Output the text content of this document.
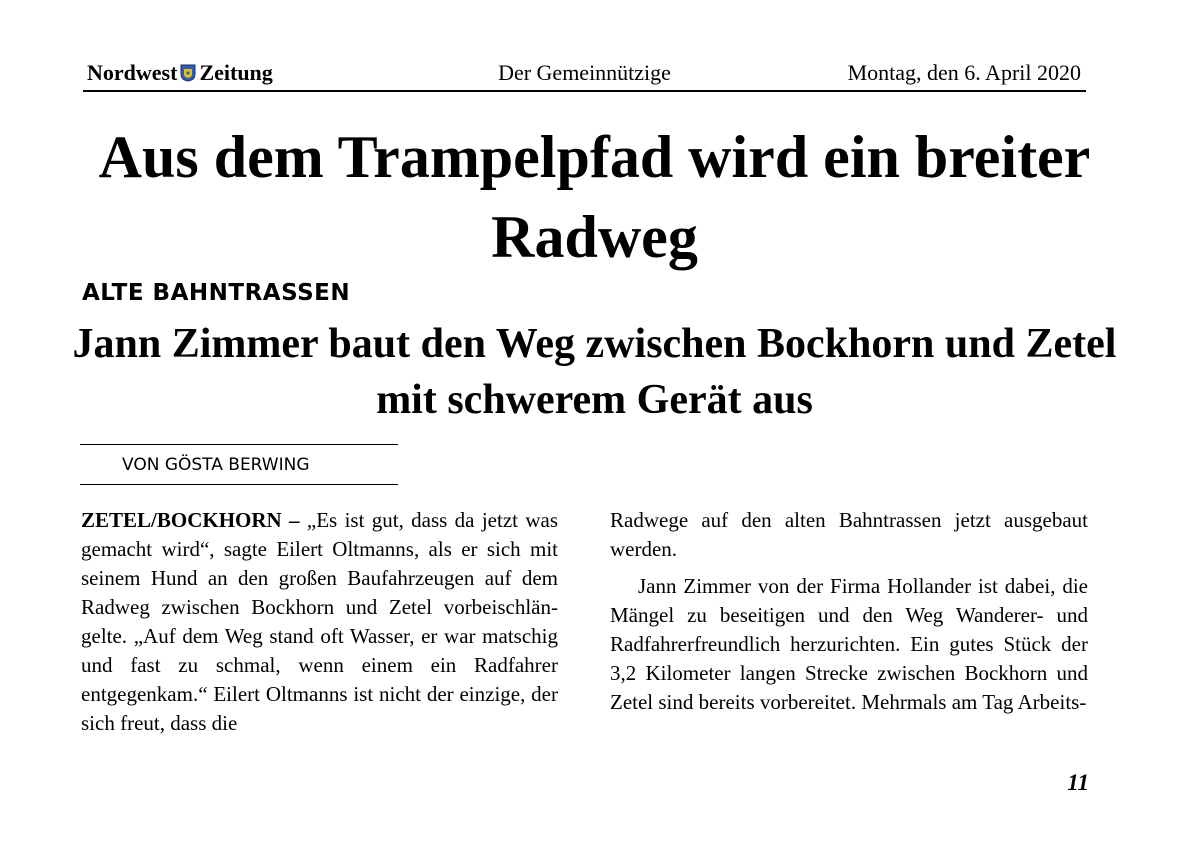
Nordwest Zeitung	Der Gemeinnützige	Montag, den 6. April 2020
Aus dem Trampelpfad wird ein breiter Radweg
ALTE BAHNTRASSEN
Jann Zimmer baut den Weg zwischen Bockhorn und Zetel mit schwerem Gerät aus
VON GÖSTA BERWING

ZETEL/BOCKHORN – „Es ist gut, dass da jetzt was gemacht wird“, sagte Eilert Oltmanns, als er sich mit seinem Hund an den großen Baufahrzeugen auf dem Radweg zwischen Bockhorn und Zetel vorbeischlängelte. „Auf dem Weg stand oft Wasser, er war matschig und fast zu schmal, wenn einem ein Radfahrer entgegenkam.“ Eilert Oltmanns ist nicht der einzige, der sich freut, dass die

Radwege auf den alten Bahntrassen jetzt ausgebaut werden.

Jann Zimmer von der Firma Hollander ist dabei, die Mängel zu beseitigen und den Weg Wanderer- und Radfahrerfreundlich herzurichten. Ein gutes Stück der 3,2 Kilometer langen Strecke zwischen Bockhorn und Zetel sind bereits vorbereitet. Mehrmals am Tag Arbeits-

11
